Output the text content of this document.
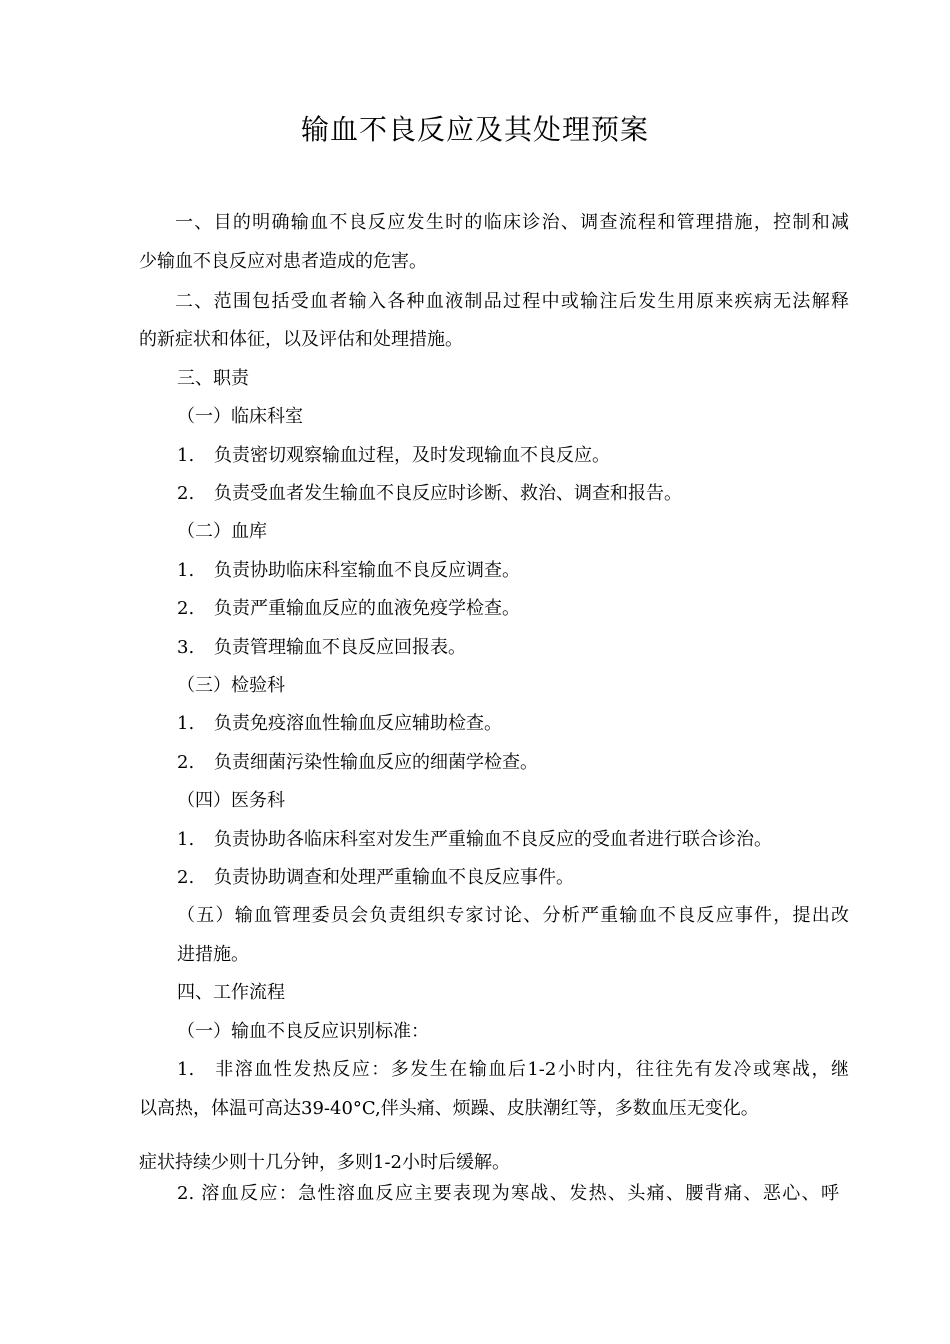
输血不良反应及其处理预案
一、目的明确输血不良反应发生时的临床诊治、调查流程和管理措施，控制和减
少输血不良反应对患者造成的危害。
二、范围包括受血者输入各种血液制品过程中或输注后发生用原来疾病无法解释
的新症状和体征，以及评估和处理措施。
三、职责
（一）临床科室
1. 负责密切观察输血过程，及时发现输血不良反应。
2. 负责受血者发生输血不良反应时诊断、救治、调查和报告。
（二）血库
1. 负责协助临床科室输血不良反应调查。
2. 负责严重输血反应的血液免疫学检查。
3. 负责管理输血不良反应回报表。
（三）检验科
1. 负责免疫溶血性输血反应辅助检查。
2. 负责细菌污染性输血反应的细菌学检查。
（四）医务科
1. 负责协助各临床科室对发生严重输血不良反应的受血者进行联合诊治。
2. 负责协助调查和处理严重输血不良反应事件。
（五）输血管理委员会负责组织专家讨论、分析严重输血不良反应事件，提出改
进措施。
四、工作流程
（一）输血不良反应识别标准：
1.　非溶血性发热反应：多发生在输血后1-2小时内，往往先有发冷或寒战，继
以高热，体温可高达39-40°C,伴头痛、烦躁、皮肤潮红等，多数血压无变化。
症状持续少则十几分钟，多则1-2小时后缓解。
2. 溶血反应：急性溶血反应主要表现为寒战、发热、头痛、腰背痛、恶心、呼
